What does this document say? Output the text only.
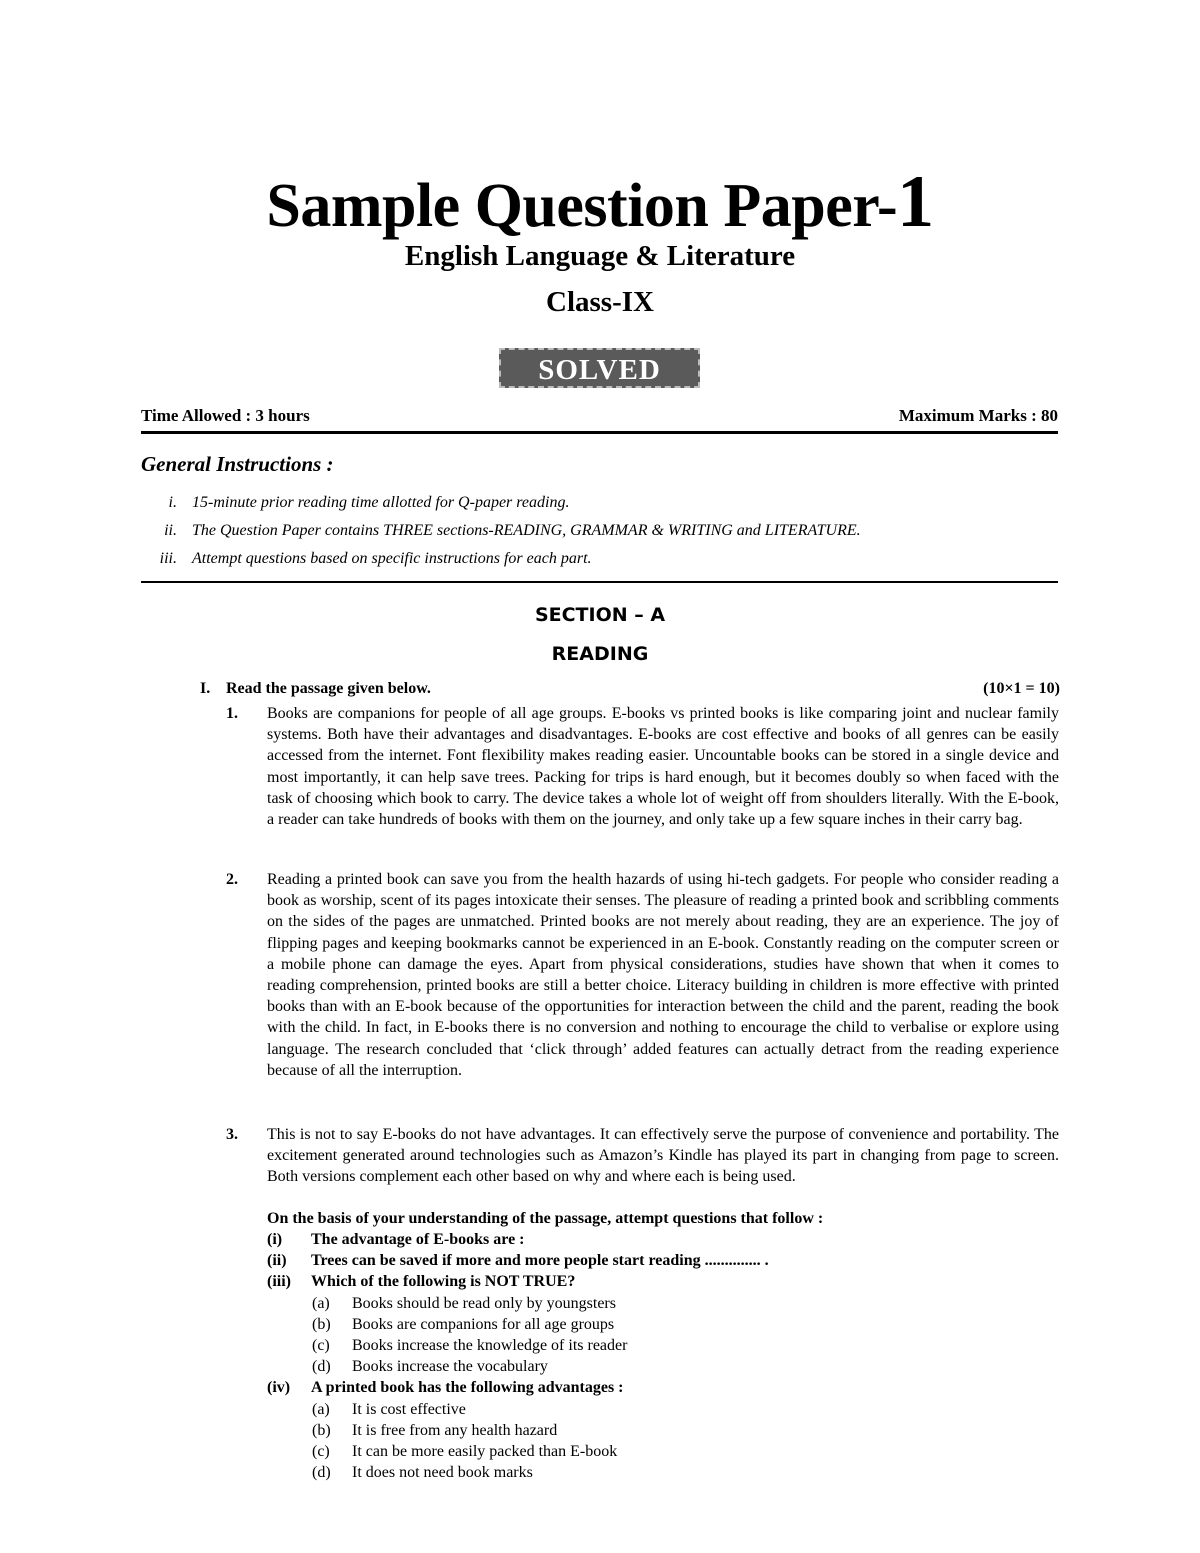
Sample Question Paper-1
English Language & Literature
Class-IX
SOLVED
Time Allowed : 3 hours	Maximum Marks : 80
General Instructions :
i. 15-minute prior reading time allotted for Q-paper reading.
ii. The Question Paper contains THREE sections-READING, GRAMMAR & WRITING and LITERATURE.
iii. Attempt questions based on specific instructions for each part.
SECTION – A
READING
I. Read the passage given below.	(10×1 = 10)
1. Books are companions for people of all age groups. E-books vs printed books is like comparing joint and nuclear family systems. Both have their advantages and disadvantages. E-books are cost effective and books of all genres can be easily accessed from the internet. Font flexibility makes reading easier. Uncountable books can be stored in a single device and most importantly, it can help save trees. Packing for trips is hard enough, but it becomes doubly so when faced with the task of choosing which book to carry. The device takes a whole lot of weight off from shoulders literally. With the E-book, a reader can take hundreds of books with them on the journey, and only take up a few square inches in their carry bag.
2. Reading a printed book can save you from the health hazards of using hi-tech gadgets. For people who consider reading a book as worship, scent of its pages intoxicate their senses. The pleasure of reading a printed book and scribbling comments on the sides of the pages are unmatched. Printed books are not merely about reading, they are an experience. The joy of flipping pages and keeping bookmarks cannot be experienced in an E-book. Constantly reading on the computer screen or a mobile phone can damage the eyes. Apart from physical considerations, studies have shown that when it comes to reading comprehension, printed books are still a better choice. Literacy building in children is more effective with printed books than with an E-book because of the opportunities for interaction between the child and the parent, reading the book with the child. In fact, in E-books there is no conversion and nothing to encourage the child to verbalise or explore using language. The research concluded that ‘click through’ added features can actually detract from the reading experience because of all the interruption.
3. This is not to say E-books do not have advantages. It can effectively serve the purpose of convenience and portability. The excitement generated around technologies such as Amazon’s Kindle has played its part in changing from page to screen. Both versions complement each other based on why and where each is being used.
On the basis of your understanding of the passage, attempt questions that follow :
(i) The advantage of E-books are :
(ii) Trees can be saved if more and more people start reading .............. .
(iii) Which of the following is NOT TRUE?
(a) Books should be read only by youngsters
(b) Books are companions for all age groups
(c) Books increase the knowledge of its reader
(d) Books increase the vocabulary
(iv) A printed book has the following advantages :
(a) It is cost effective
(b) It is free from any health hazard
(c) It can be more easily packed than E-book
(d) It does not need book marks
